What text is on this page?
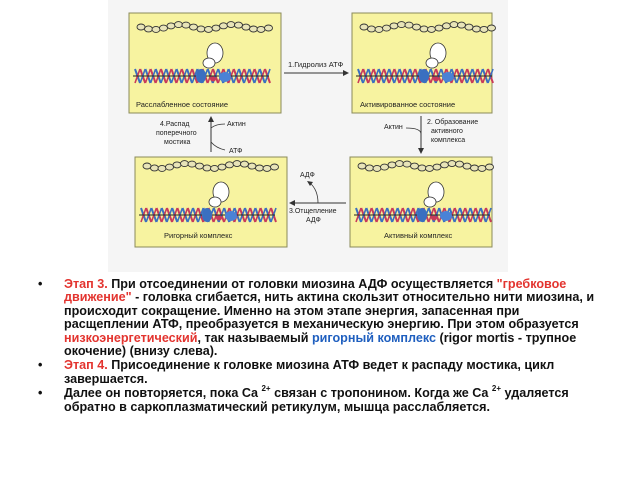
Расслабленное состояние	Активированное состояние
Ригорный комплекс	Активный комплекс
1.Гидролиз АТФ
Актин
2. Образование
активного
комплекса
АДФ
3.Отщепление
АДФ
4.Распад
поперечного
мостика
Актин
АТФ
• Этап 3. При отсоединении от головки миозина АДФ осуществляется "гребковое движение" - головка сгибается, нить актина скользит относительно нити миозина, и происходит сокращение. Именно на этом этапе энергия, запасенная при расщеплении АТФ, преобразуется в механическую энергию. При этом образуется низкоэнергетический, так называемый ригорный комплекс (rigor mortis - трупное окочени​е) (внизу слева).
• Этап 4. Присоединение к головке миозина АТФ ведет к распаду мостика, цикл завершается.
• Далее он повторяется, пока Ca $^{2+}$ связан с тропонином. Когда же Ca $^{2+}$ удаляется обратно в саркоплазматический ретикулум, мышца расслабляется.
